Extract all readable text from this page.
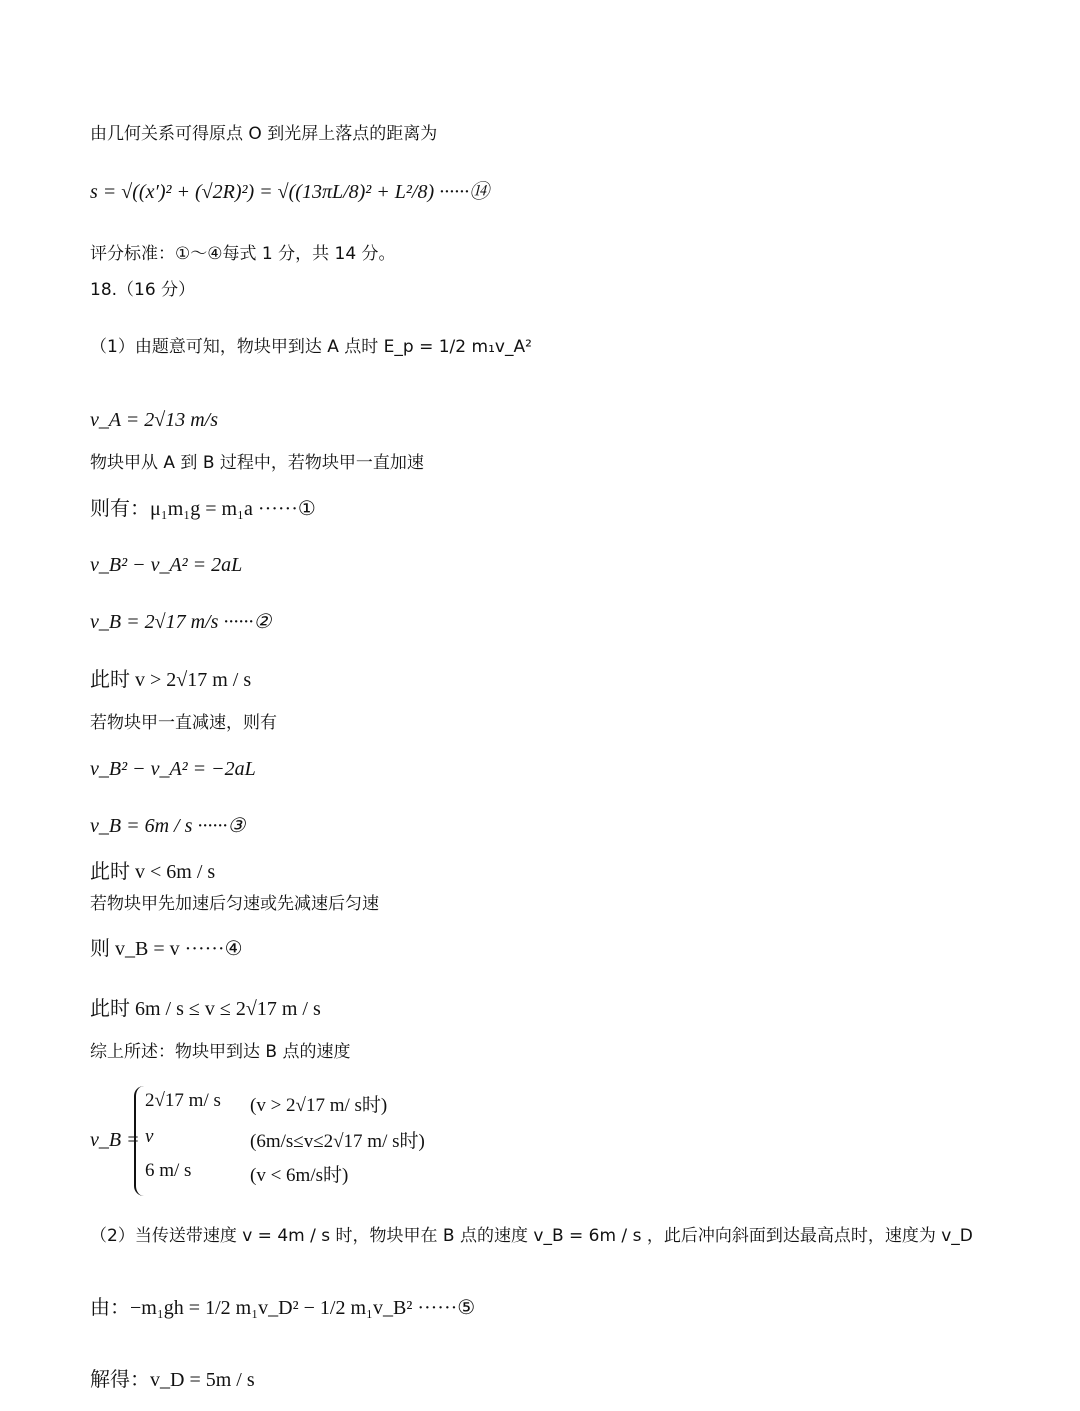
由几何关系可得原点 O 到光屏上落点的距离为
s = √((x′)² + (√2R)²) = √((13πL/8)² + L²/8) ······⑭
评分标准：①～④每式 1 分，共 14 分。
18.（16 分）
（1）由题意可知，物块甲到达 A 点时 E_p = 1/2 m₁v_A²
v_A = 2√13 m/s
物块甲从 A 到 B 过程中，若物块甲一直加速
则有：μ₁m₁g = m₁a ······①
v_B² − v_A² = 2aL
v_B = 2√17 m/s ······②
此时 v > 2√17 m / s
若物块甲一直减速，则有
v_B² − v_A² = −2aL
v_B = 6m / s ······③
此时 v < 6m / s
若物块甲先加速后匀速或先减速后匀速
则 v_B = v ······④
此时 6m / s ≤ v ≤ 2√17 m / s
综上所述：物块甲到达 B 点的速度
v_B =
2√17 m/ s (v > 2√17 m/ s时)
v	(6m/s≤v≤2√17 m/ s时)
6 m/ s	(v < 6m/s时)
（2）当传送带速度 v = 4m / s 时，物块甲在 B 点的速度 v_B = 6m / s ，此后冲向斜面到达最高点时，速度为 v_D
由：−m₁gh = 1/2 m₁v_D² − 1/2 m₁v_B² ······⑤
解得：v_D = 5m / s
